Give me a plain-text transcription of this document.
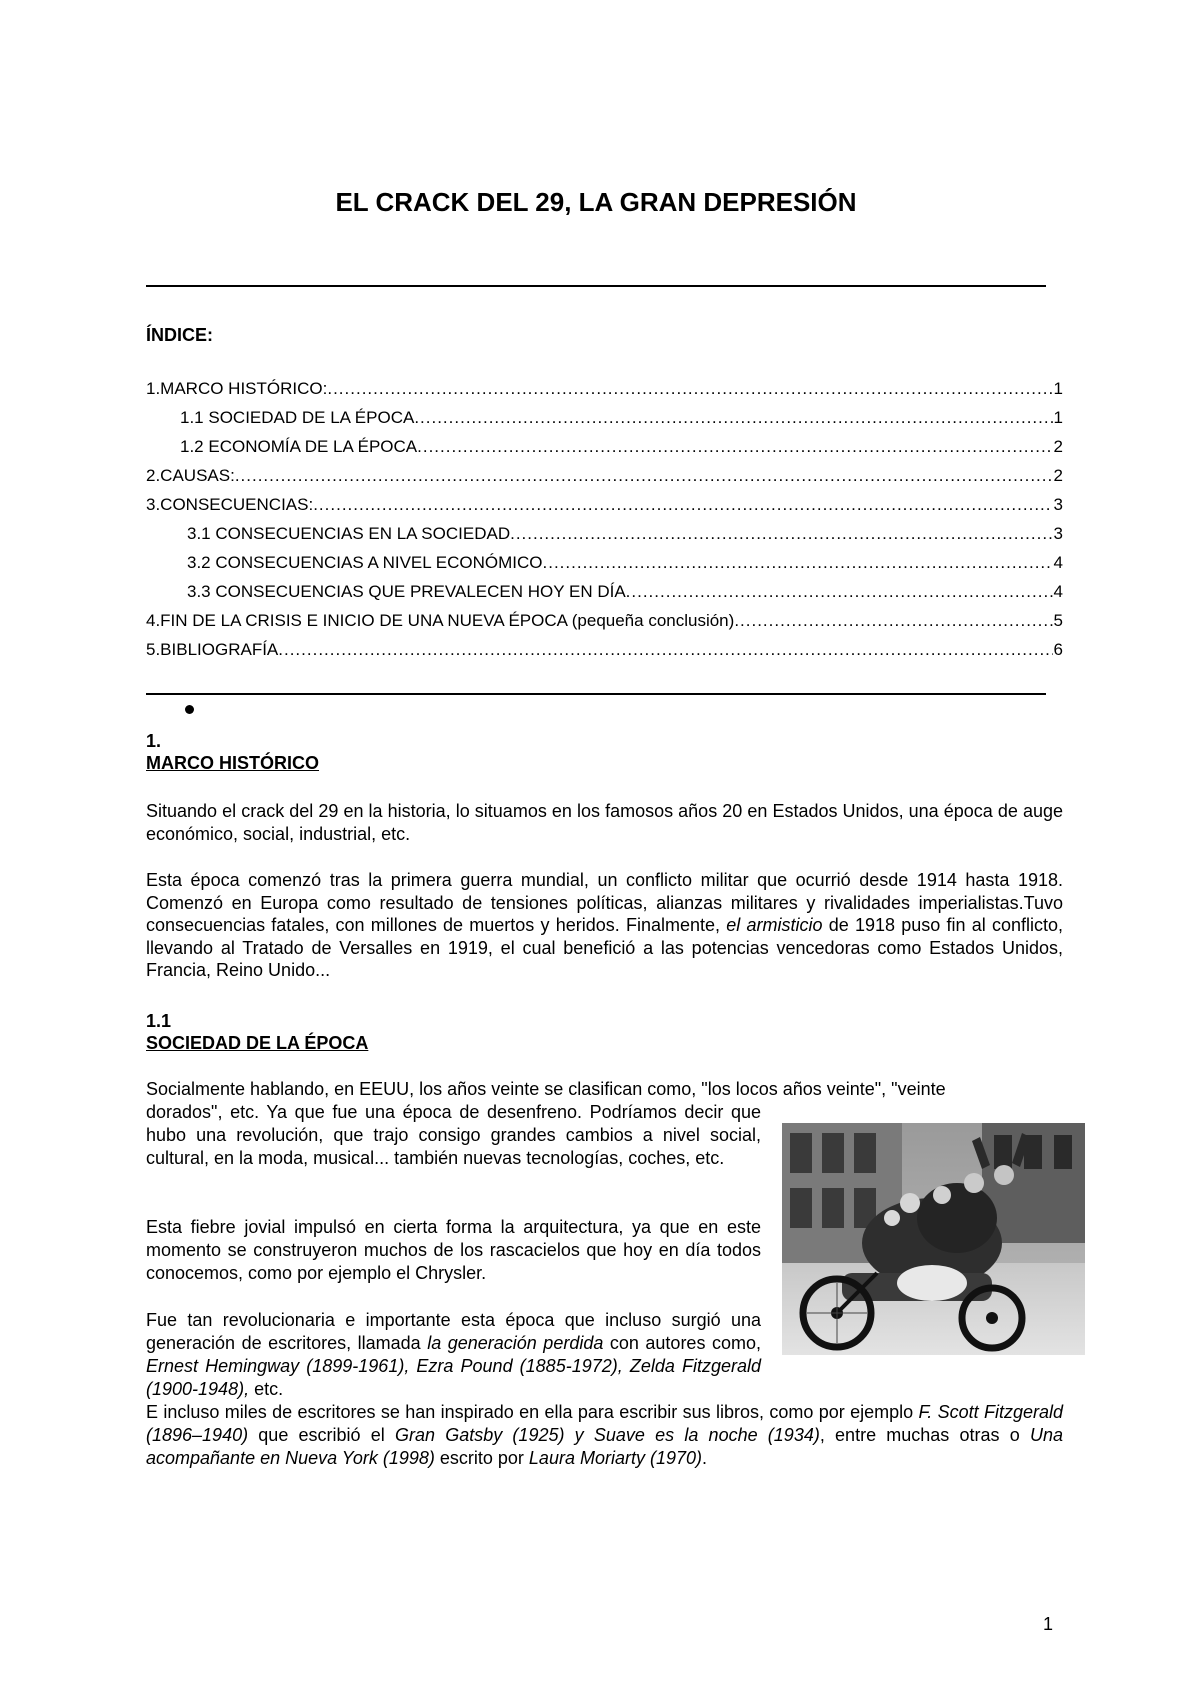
EL CRACK DEL 29, LA GRAN DEPRESIÓN
ÍNDICE:
1.MARCO HISTÓRICO: .....	1
1.1 SOCIEDAD DE LA ÉPOCA .....	1
1.2 ECONOMÍA DE LA ÉPOCA .....	2
2.CAUSAS: .....	2
3.CONSECUENCIAS: .....	3
3.1 CONSECUENCIAS EN LA SOCIEDAD .....	3
3.2 CONSECUENCIAS A NIVEL ECONÓMICO .....	4
3.3 CONSECUENCIAS QUE PREVALECEN HOY EN DÍA .....	4
4.FIN DE LA CRISIS E INICIO DE UNA NUEVA ÉPOCA (pequeña conclusión) .....	5
5.BIBLIOGRAFÍA .....	6
1.
MARCO HISTÓRICO

Situando el crack del 29 en la historia, lo situamos en los famosos años 20 en Estados Unidos, una época de auge económico, social, industrial, etc.

Esta época comenzó tras la primera guerra mundial, un conflicto militar que ocurrió desde 1914 hasta 1918. Comenzó en Europa como resultado de tensiones políticas, alianzas militares y rivalidades imperialistas.Tuvo consecuencias fatales, con millones de muertos y heridos. Finalmente, el armisticio de 1918 puso fin al conflicto, llevando al Tratado de Versalles en 1919, el cual benefició a las potencias vencedoras como Estados Unidos, Francia, Reino Unido...

1.1
SOCIEDAD DE LA ÉPOCA

Socialmente hablando, en EEUU, los años veinte se clasifican como, "los locos años veinte", "veinte

dorados", etc. Ya que fue una época de desenfreno. Podríamos decir que hubo una revolución, que trajo consigo grandes cambios a nivel social, cultural, en la moda, musical... también nuevas tecnologías, coches, etc.

Esta fiebre jovial impulsó en cierta forma la arquitectura, ya que en este momento se construyeron muchos de los rascacielos que hoy en día todos conocemos, como por ejemplo el Chrysler.

Fue tan revolucionaria e importante esta época que incluso surgió una generación de escritores, llamada la generación perdida con autores como, Ernest Hemingway (1899-1961), Ezra Pound (1885-1972), Zelda Fitzgerald (1900-1948), etc.

E incluso miles de escritores se han inspirado en ella para escribir sus libros, como por ejemplo F. Scott Fitzgerald (1896–1940) que escribió el Gran Gatsby (1925) y Suave es la noche (1934), entre muchas otras o Una acompañante en Nueva York (1998) escrito por Laura Moriarty (1970).

1
